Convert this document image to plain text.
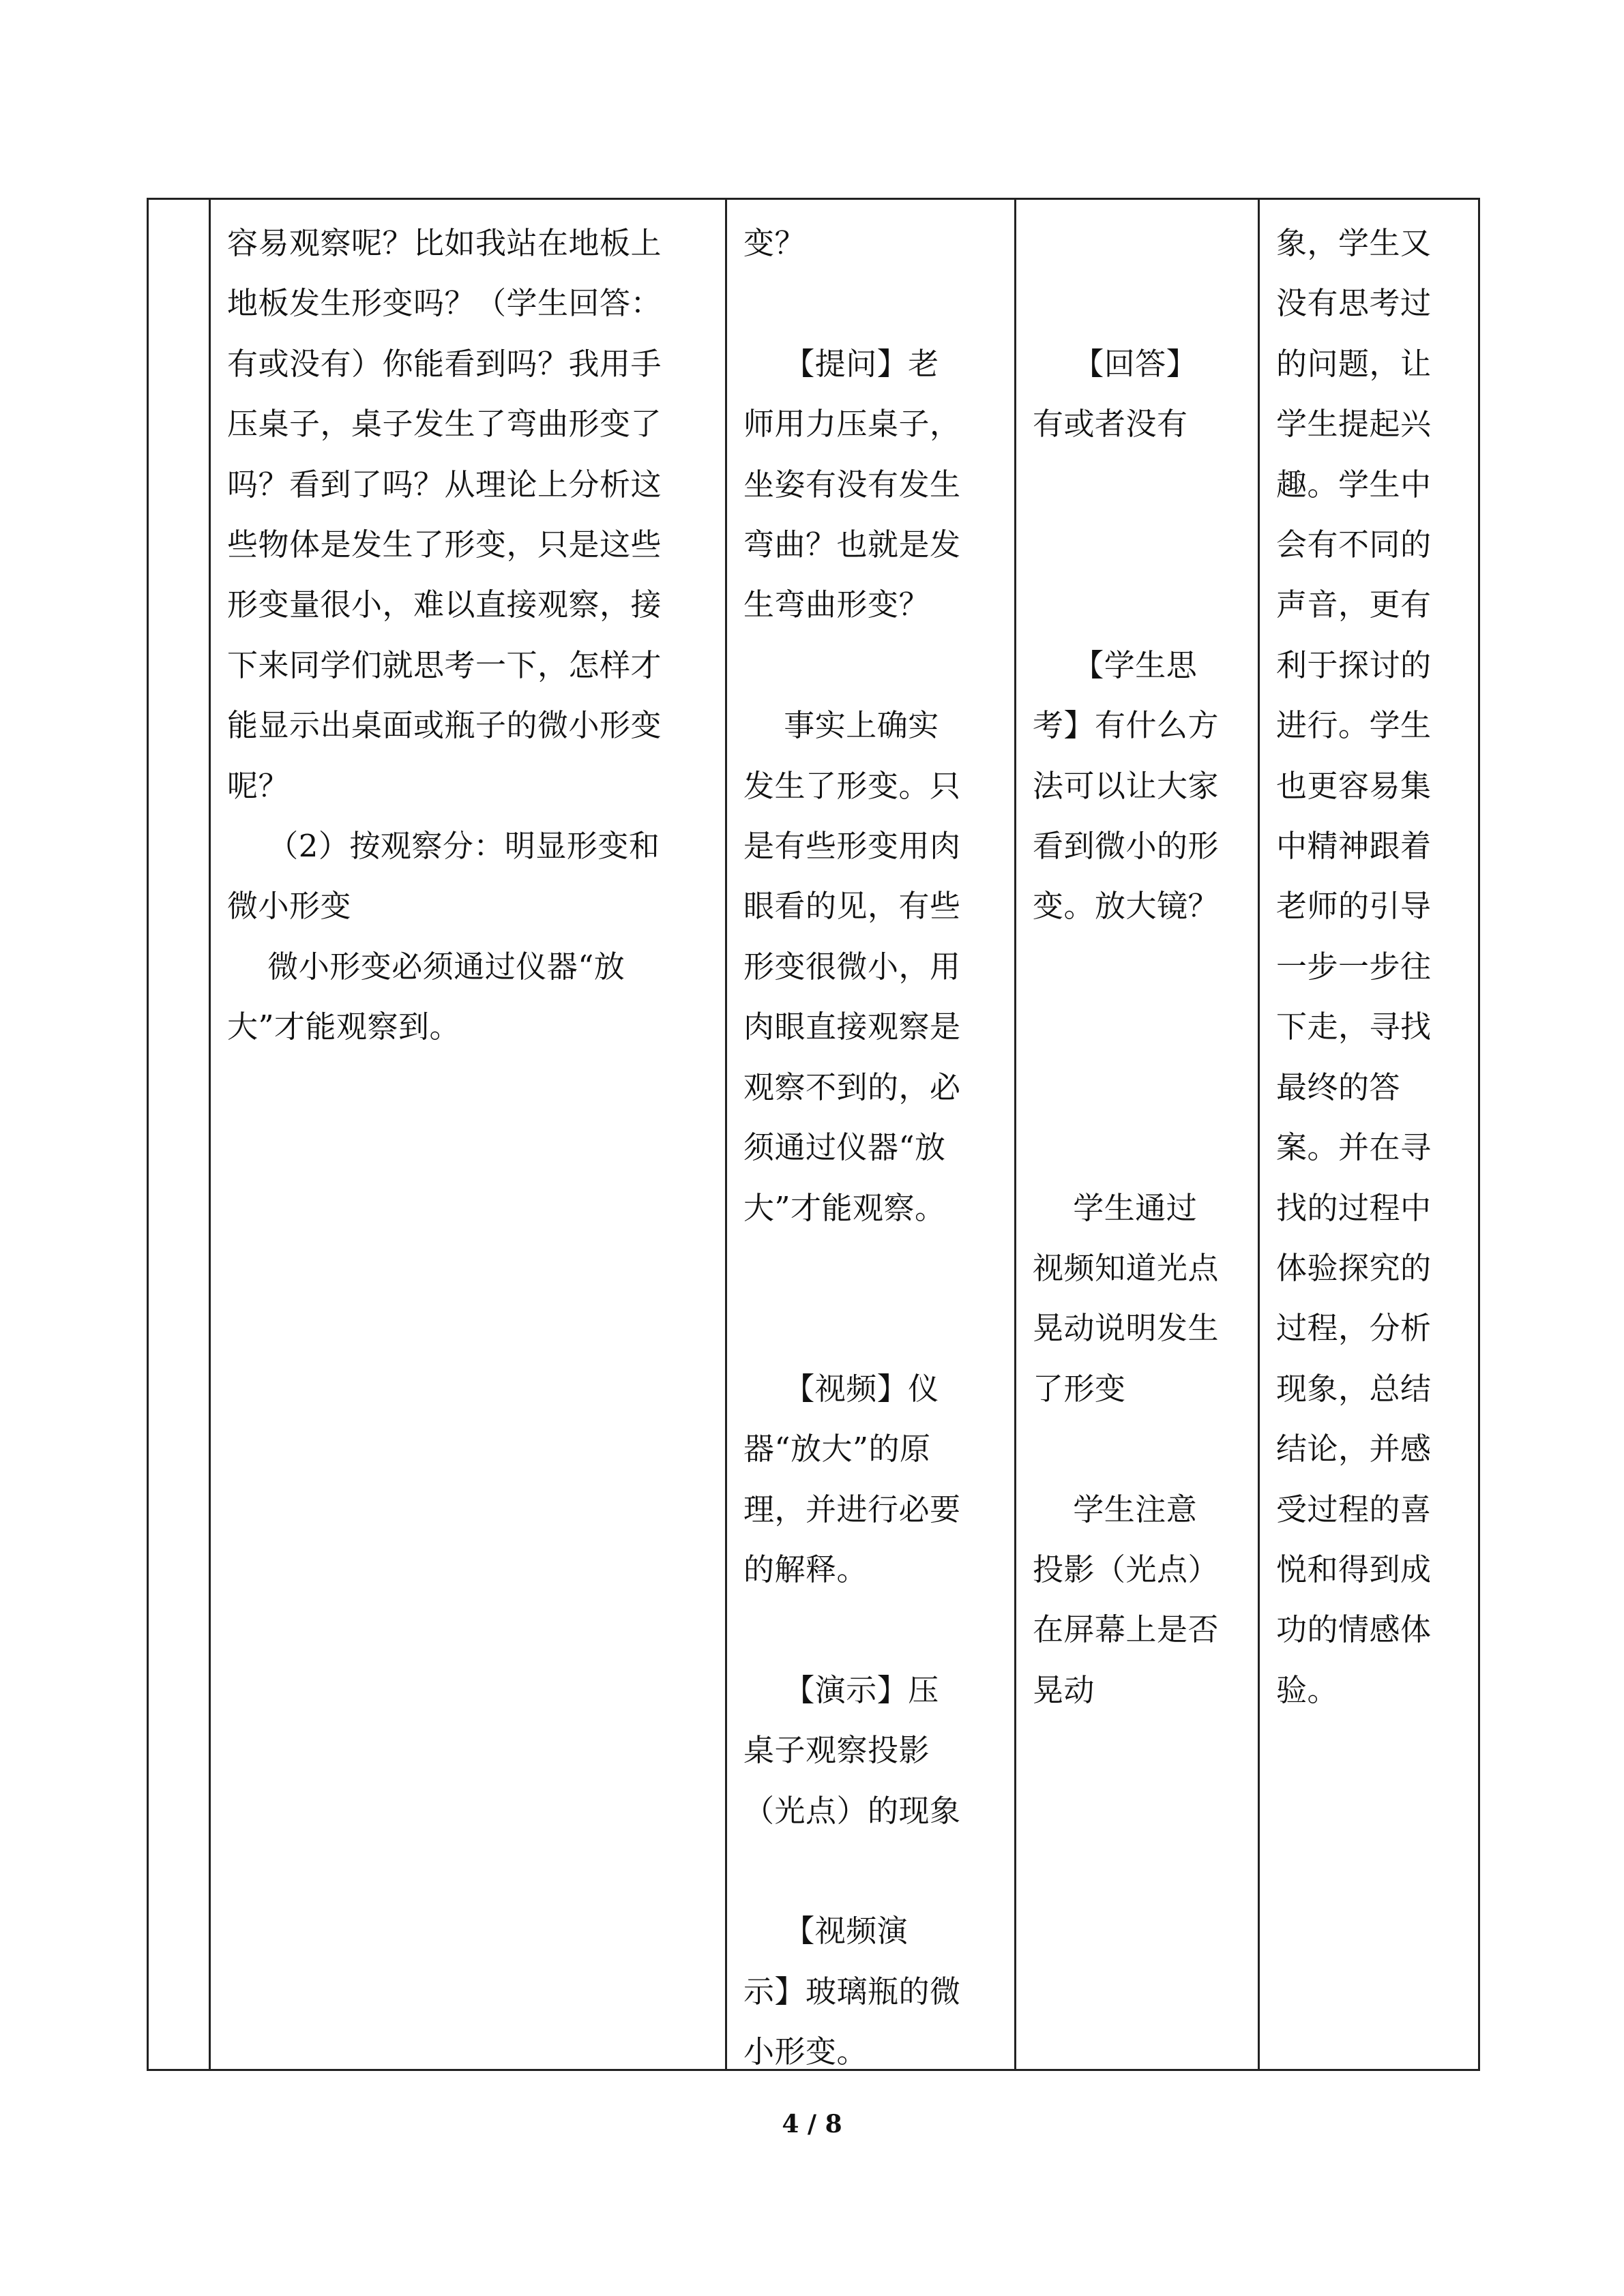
容易观察呢？比如我站在地板上
地板发生形变吗？（学生回答：
有或没有）你能看到吗？我用手
压桌子，桌子发生了弯曲形变了
吗？看到了吗？从理论上分析这
些物体是发生了形变，只是这些
形变量很小，难以直接观察，接
下来同学们就思考一下，怎样才
能显示出桌面或瓶子的微小形变
呢？
（2）按观察分：明显形变和
微小形变
微小形变必须通过仪器“放
大”才能观察到。
变？

【提问】老
师用力压桌子，
坐姿有没有发生
弯曲？也就是发
生弯曲形变？

事实上确实
发生了形变。只
是有些形变用肉
眼看的见，有些
形变很微小，用
肉眼直接观察是
观察不到的，必
须通过仪器“放
大”才能观察。

【视频】仪
器“放大”的原
理，并进行必要
的解释。

【演示】压
桌子观察投影
（光点）的现象

【视频演
示】玻璃瓶的微
小形变。

【回答】
有或者没有

【学生思
考】有什么方
法可以让大家
看到微小的形
变。放大镜？

学生通过
视频知道光点
晃动说明发生
了形变

学生注意
投影（光点）
在屏幕上是否
晃动
象，学生又
没有思考过
的问题，让
学生提起兴
趣。学生中
会有不同的
声音，更有
利于探讨的
进行。学生
也更容易集
中精神跟着
老师的引导
一步一步往
下走，寻找
最终的答
案。并在寻
找的过程中
体验探究的
过程，分析
现象，总结
结论，并感
受过程的喜
悦和得到成
功的情感体
验。
4 / 8
